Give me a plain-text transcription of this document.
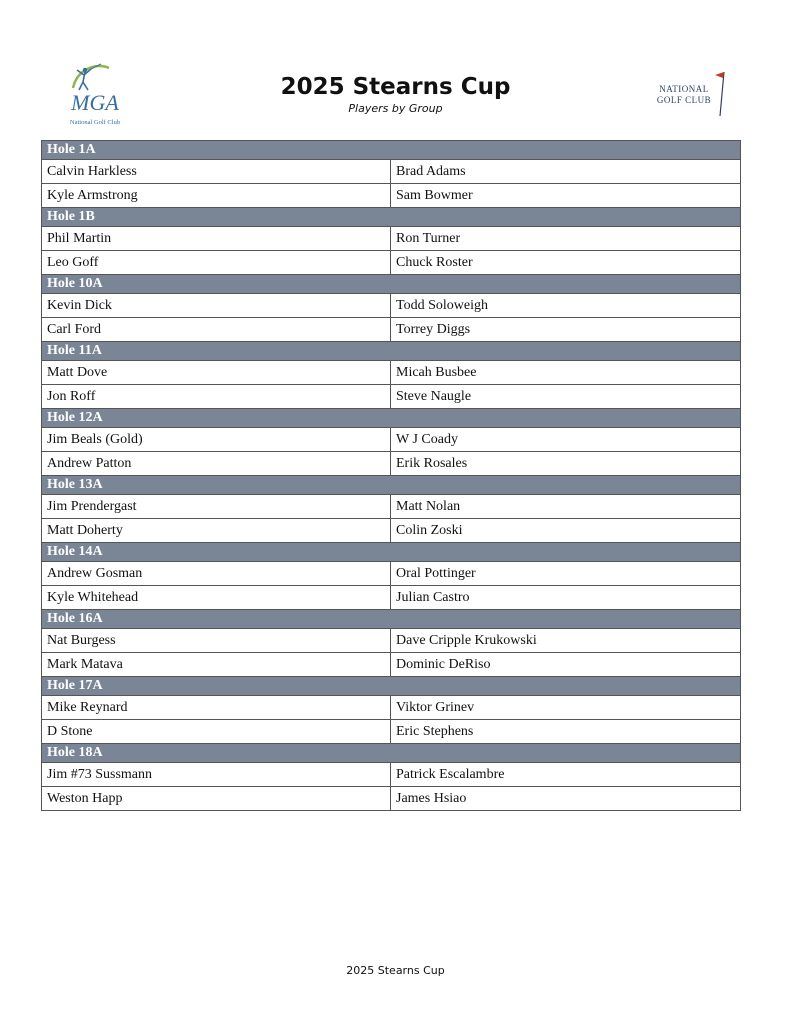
MGA
National Golf Club
2025 Stearns Cup
Players by Group
NATIONAL
GOLF CLUB
Hole 1A	
Calvin Harkless	Brad Adams
Kyle Armstrong	Sam Bowmer
Hole 1B	
Phil Martin	Ron Turner
Leo Goff	Chuck Roster
Hole 10A	
Kevin Dick	Todd Soloweigh
Carl Ford	Torrey Diggs
Hole 11A	
Matt Dove	Micah Busbee
Jon Roff	Steve Naugle
Hole 12A	
Jim Beals (Gold)	W J Coady
Andrew Patton	Erik Rosales
Hole 13A	
Jim Prendergast	Matt Nolan
Matt Doherty	Colin Zoski
Hole 14A	
Andrew Gosman	Oral Pottinger
Kyle Whitehead	Julian Castro
Hole 16A	
Nat Burgess	Dave Cripple Krukowski
Mark Matava	Dominic DeRiso
Hole 17A	
Mike Reynard	Viktor Grinev
D Stone	Eric Stephens
Hole 18A	
Jim #73 Sussmann	Patrick Escalambre
Weston Happ	James Hsiao
2025 Stearns Cup
